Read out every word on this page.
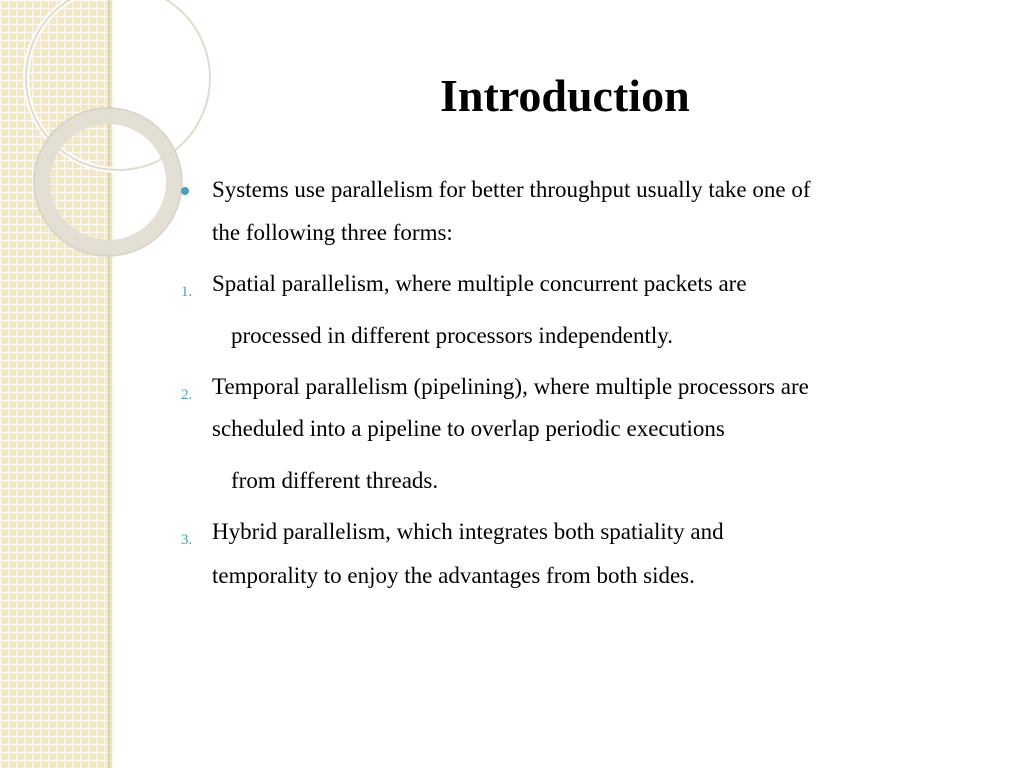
Introduction
Systems use parallelism for better throughput usually take one of
the following three forms:
1. Spatial parallelism, where multiple concurrent packets are
processed in different processors independently.
2. Temporal parallelism (pipelining), where multiple processors are
scheduled into a pipeline to overlap periodic executions
from different threads.
3. Hybrid parallelism, which integrates both spatiality and
temporality to enjoy the advantages from both sides.
